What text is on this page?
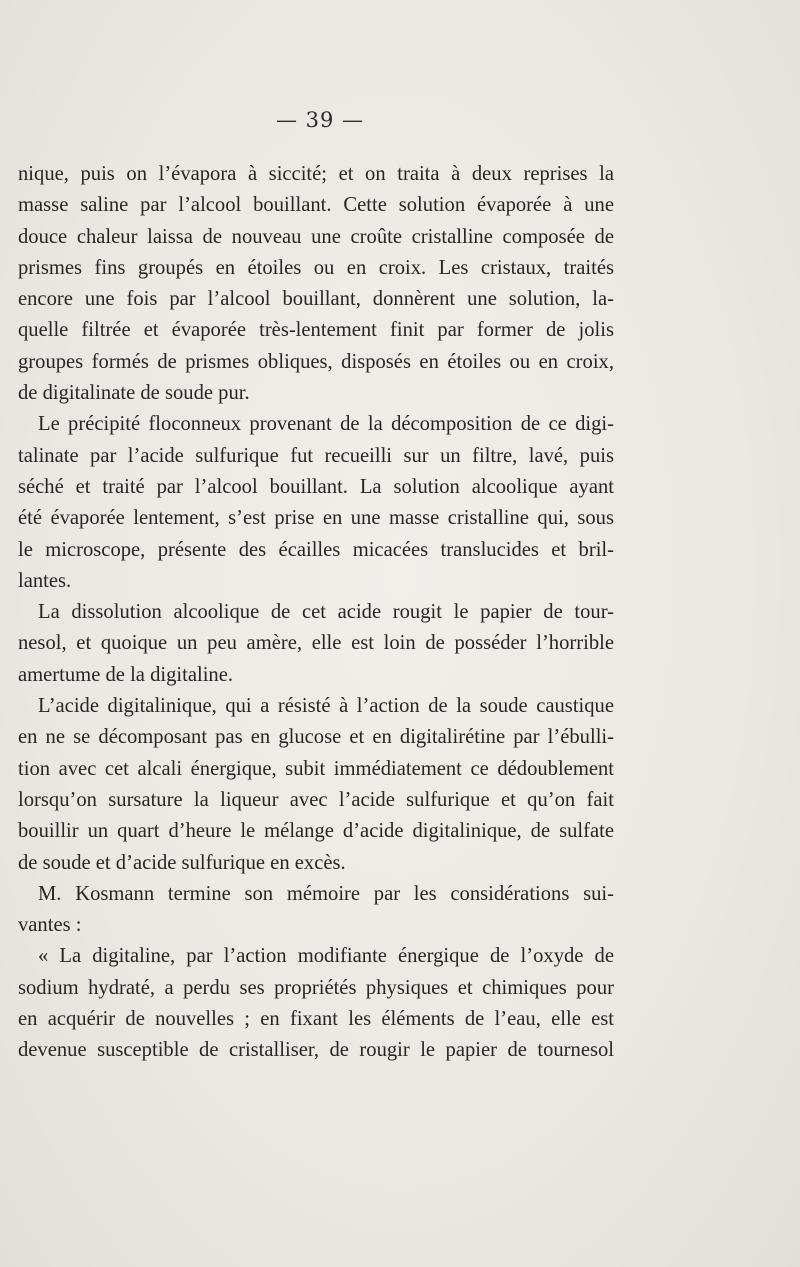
— 39 —
nique, puis on l’évapora à siccité; et on traita à deux reprises la
masse saline par l’alcool bouillant. Cette solution évaporée à une
douce chaleur laissa de nouveau une croûte cristalline composée de
prismes fins groupés en étoiles ou en croix. Les cristaux, traités
encore une fois par l’alcool bouillant, donnèrent une solution, la-
quelle filtrée et évaporée très-lentement finit par former de jolis
groupes formés de prismes obliques, disposés en étoiles ou en croix,
de digitalinate de soude pur.
Le précipité floconneux provenant de la décomposition de ce digi-
talinate par l’acide sulfurique fut recueilli sur un filtre, lavé, puis
séché et traité par l’alcool bouillant. La solution alcoolique ayant
été évaporée lentement, s’est prise en une masse cristalline qui, sous
le microscope, présente des écailles micacées translucides et bril-
lantes.
La dissolution alcoolique de cet acide rougit le papier de tour-
nesol, et quoique un peu amère, elle est loin de posséder l’horrible
amertume de la digitaline.
L’acide digitalinique, qui a résisté à l’action de la soude caustique
en ne se décomposant pas en glucose et en digitalirétine par l’ébulli-
tion avec cet alcali énergique, subit immédiatement ce dédoublement
lorsqu’on sursature la liqueur avec l’acide sulfurique et qu’on fait
bouillir un quart d’heure le mélange d’acide digitalinique, de sulfate
de soude et d’acide sulfurique en excès.
M. Kosmann termine son mémoire par les considérations sui-
vantes :
« La digitaline, par l’action modifiante énergique de l’oxyde de
sodium hydraté, a perdu ses propriétés physiques et chimiques pour
en acquérir de nouvelles ; en fixant les éléments de l’eau, elle est
devenue susceptible de cristalliser, de rougir le papier de tournesol
